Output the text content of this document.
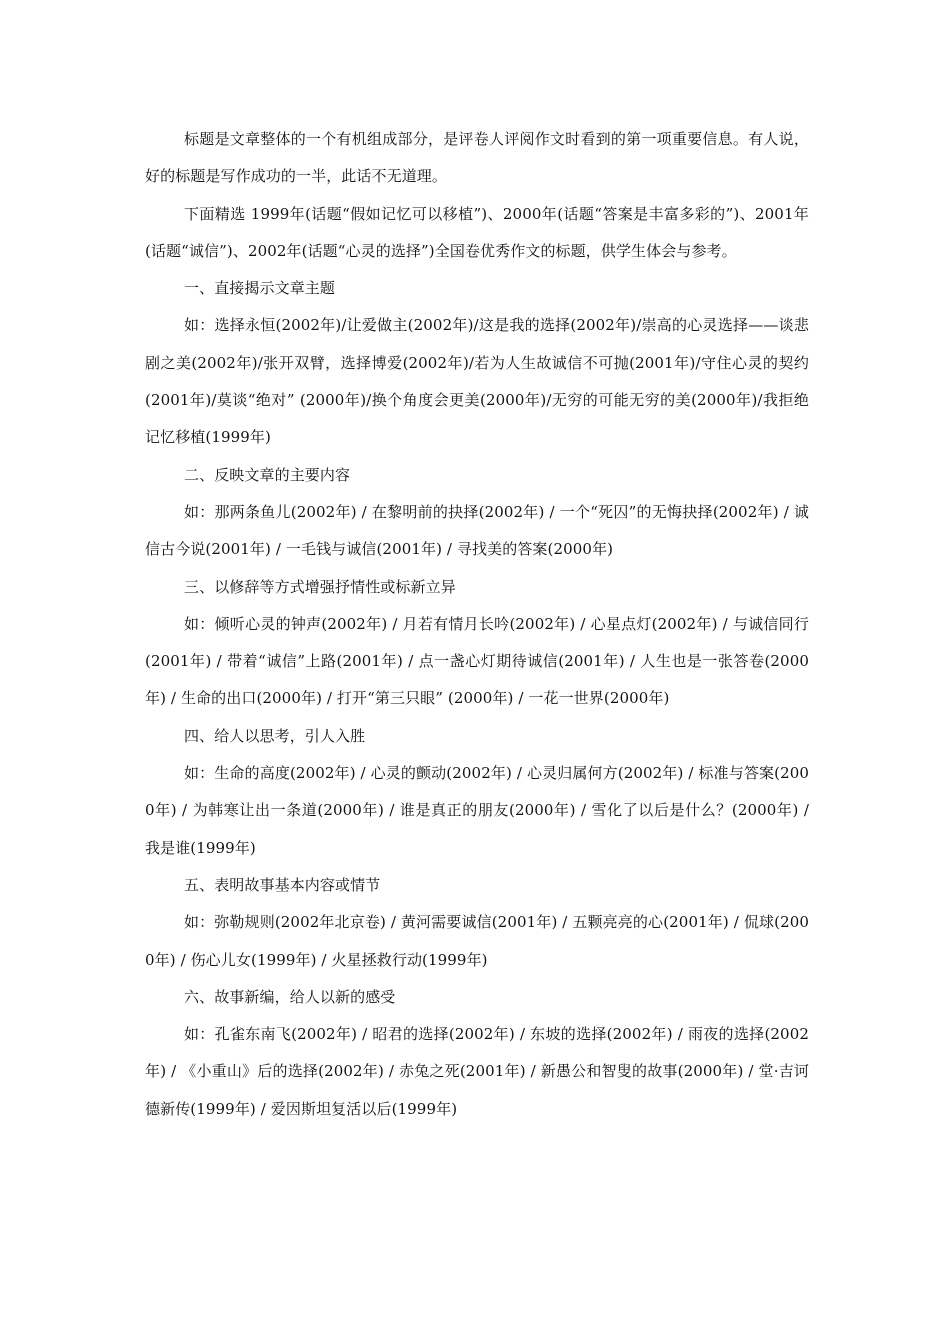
标题是文章整体的一个有机组成部分，是评卷人评阅作文时看到的第一项重要信息。有人说，好的标题是写作成功的一半，此话不无道理。

下面精选 1999年(话题“假如记忆可以移植”)、2000年(话题“答案是丰富多彩的”)、2001年(话题“诚信”)、2002年(话题“心灵的选择”)全国卷优秀作文的标题，供学生体会与参考。

一、直接揭示文章主题

如：选择永恒(2002年)/让爱做主(2002年)/这是我的选择(2002年)/崇高的心灵选择——谈悲剧之美(2002年)/张开双臂，选择博爱(2002年)/若为人生故诚信不可抛(2001年)/守住心灵的契约(2001年)/莫谈“绝对” (2000年)/换个角度会更美(2000年)/无穷的可能无穷的美(2000年)/我拒绝记忆移植(1999年)

二、反映文章的主要内容

如：那两条鱼儿(2002年) / 在黎明前的抉择(2002年) / 一个“死囚”的无悔抉择(2002年) / 诚信古今说(2001年) / 一毛钱与诚信(2001年) / 寻找美的答案(2000年)

三、以修辞等方式增强抒情性或标新立异

如：倾听心灵的钟声(2002年) / 月若有情月长吟(2002年) / 心星点灯(2002年) / 与诚信同行(2001年) / 带着“诚信”上路(2001年) / 点一盏心灯期待诚信(2001年) / 人生也是一张答卷(2000年) / 生命的出口(2000年) / 打开“第三只眼” (2000年) / 一花一世界(2000年)

四、给人以思考，引人入胜

如：生命的高度(2002年) / 心灵的颤动(2002年) / 心灵归属何方(2002年) / 标准与答案(2000年) / 为韩寒让出一条道(2000年) / 谁是真正的朋友(2000年) / 雪化了以后是什么？(2000年) / 我是谁(1999年)

五、表明故事基本内容或情节

如：弥勒规则(2002年北京卷) / 黄河需要诚信(2001年) / 五颗亮亮的心(2001年) / 侃球(2000年) / 伤心儿女(1999年) / 火星拯救行动(1999年)

六、故事新编，给人以新的感受

如：孔雀东南飞(2002年) / 昭君的选择(2002年) / 东坡的选择(2002年) / 雨夜的选择(2002年) / 《小重山》后的选择(2002年) / 赤兔之死(2001年) / 新愚公和智叟的故事(2000年) / 堂·吉诃德新传(1999年) / 爱因斯坦复活以后(1999年)
